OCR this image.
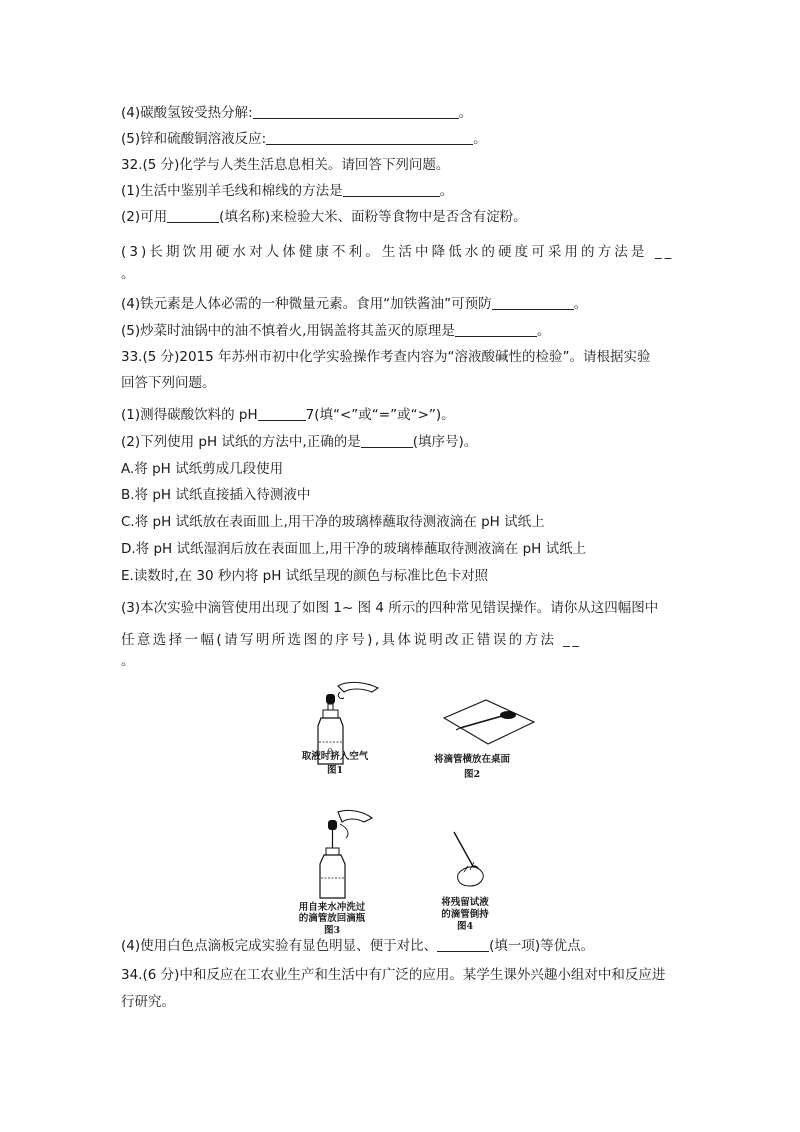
(4)碳酸氢铵受热分解:	。
(5)锌和硫酸铜溶液反应:	。
32.(5 分)化学与人类生活息息相关。请回答下列问题。
(1)生活中鉴别羊毛线和棉线的方法是	。
(2)可用	(填名称)来检验大米、面粉等食物中是否含有淀粉。
(3)长期饮用硬水对人体健康不利。生活中降低水的硬度可采用的方法是 __
。
(4)铁元素是人体必需的一种微量元素。食用“加铁酱油”可预防	。
(5)炒菜时油锅中的油不慎着火,用锅盖将其盖灭的原理是	。
33.(5 分)2015 年苏州市初中化学实验操作考查内容为“溶液酸碱性的检验”。请根据实验
回答下列问题。
(1)测得碳酸饮料的 pH	7(填“<”或“=”或“>”)。
(2)下列使用 pH 试纸的方法中,正确的是	(填序号)。
A.将 pH 试纸剪成几段使用
B.将 pH 试纸直接插入待测液中
C.将 pH 试纸放在表面皿上,用干净的玻璃棒蘸取待测液滴在 pH 试纸上
D.将 pH 试纸湿润后放在表面皿上,用干净的玻璃棒蘸取待测液滴在 pH 试纸上
E.读数时,在 30 秒内将 pH 试纸呈现的颜色与标准比色卡对照
(3)本次实验中滴管使用出现了如图 1~ 图 4 所示的四种常见错误操作。请你从这四幅图中
任意选择一幅(请写明所选图的序号),具体说明改正错误的方法 __
。
取液时挤入空气
图1
将滴管横放在桌面
图2
用自来水冲洗过
的滴管放回滴瓶
图3
将残留试液
的滴管倒持
图4
(4)使用白色点滴板完成实验有显色明显、便于对比、	(填一项)等优点。
34.(6 分)中和反应在工农业生产和生活中有广泛的应用。某学生课外兴趣小组对中和反应进
行研究。
